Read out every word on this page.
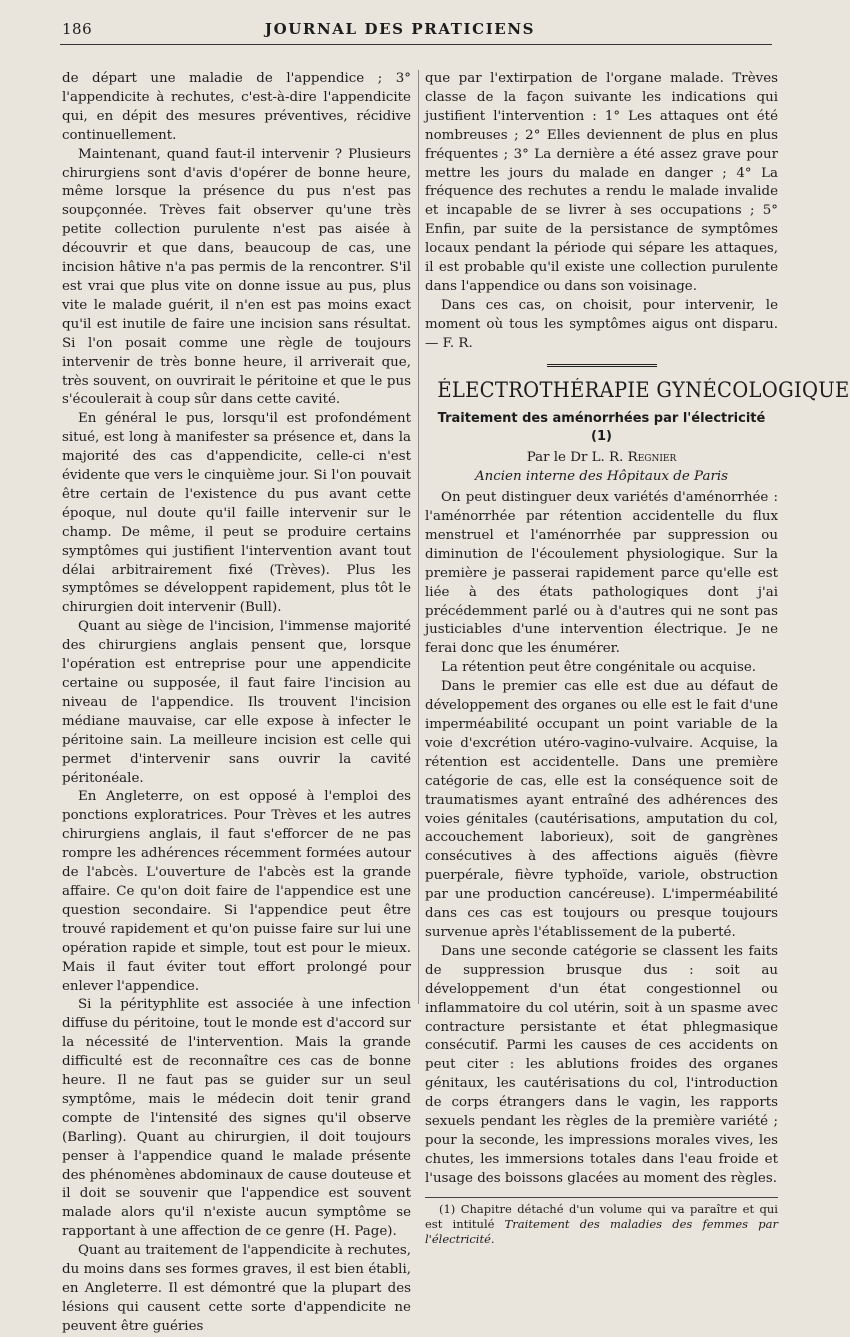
186	JOURNAL DES PRATICIENS

de départ une maladie de l'appendice ; 3° l'appendicite à rechutes, c'est-à-dire l'appendicite qui, en dépit des mesures préventives, récidive continuellement.

Maintenant, quand faut-il intervenir ? Plusieurs chirurgiens sont d'avis d'opérer de bonne heure, même lorsque la présence du pus n'est pas soupçonnée. Trèves fait observer qu'une très petite collection purulente n'est pas aisée à découvrir et que dans, beaucoup de cas, une incision hâtive n'a pas permis de la rencontrer. S'il est vrai que plus vite on donne issue au pus, plus vite le malade guérit, il n'en est pas moins exact qu'il est inutile de faire une incision sans résultat. Si l'on posait comme une règle de toujours intervenir de très bonne heure, il arriverait que, très souvent, on ouvrirait le péritoine et que le pus s'écoulerait à coup sûr dans cette cavité.

En général le pus, lorsqu'il est profondément situé, est long à manifester sa présence et, dans la majorité des cas d'appendicite, celle-ci n'est évidente que vers le cinquième jour. Si l'on pouvait être certain de l'existence du pus avant cette époque, nul doute qu'il faille intervenir sur le champ. De même, il peut se produire certains symptômes qui justifient l'intervention avant tout délai arbitrairement fixé (Trèves). Plus les symptômes se développent rapidement, plus tôt le chirurgien doit intervenir (Bull).

Quant au siège de l'incision, l'immense majorité des chirurgiens anglais pensent que, lorsque l'opération est entreprise pour une appendicite certaine ou supposée, il faut faire l'incision au niveau de l'appendice. Ils trouvent l'incision médiane mauvaise, car elle expose à infecter le péritoine sain. La meilleure incision est celle qui permet d'intervenir sans ouvrir la cavité péritonéale.

En Angleterre, on est opposé à l'emploi des ponctions exploratrices. Pour Trèves et les autres chirurgiens anglais, il faut s'efforcer de ne pas rompre les adhérences récemment formées autour de l'abcès. L'ouverture de l'abcès est la grande affaire. Ce qu'on doit faire de l'appendice est une question secondaire. Si l'appendice peut être trouvé rapidement et qu'on puisse faire sur lui une opération rapide et simple, tout est pour le mieux. Mais il faut éviter tout effort prolongé pour enlever l'appendice.

Si la pérityphlite est associée à une infection diffuse du péritoine, tout le monde est d'accord sur la nécessité de l'intervention. Mais la grande difficulté est de reconnaître ces cas de bonne heure. Il ne faut pas se guider sur un seul symptôme, mais le médecin doit tenir grand compte de l'intensité des signes qu'il observe (Barling). Quant au chirurgien, il doit toujours penser à l'appendice quand le malade présente des phénomènes abdominaux de cause douteuse et il doit se souvenir que l'appendice est souvent malade alors qu'il n'existe aucun symptôme se rapportant à une affection de ce genre (H. Page).

Quant au traitement de l'appendicite à rechutes, du moins dans ses formes graves, il est bien établi, en Angleterre. Il est démontré que la plupart des lésions qui causent cette sorte d'appendicite ne peuvent être guéries

que par l'extirpation de l'organe malade. Trèves classe de la façon suivante les indications qui justifient l'intervention : 1° Les attaques ont été nombreuses ; 2° Elles deviennent de plus en plus fréquentes ; 3° La dernière a été assez grave pour mettre les jours du malade en danger ; 4° La fréquence des rechutes a rendu le malade invalide et incapable de se livrer à ses occupations ; 5° Enfin, par suite de la persistance de symptômes locaux pendant la période qui sépare les attaques, il est probable qu'il existe une collection purulente dans l'appendice ou dans son voisinage.

Dans ces cas, on choisit, pour intervenir, le moment où tous les symptômes aigus ont disparu. — F. R.

ÉLECTROTHÉRAPIE GYNÉCOLOGIQUE
Traitement des aménorrhées par l'électricité (1)
Par le Dr L. R. Regnier
Ancien interne des Hôpitaux de Paris

On peut distinguer deux variétés d'aménorrhée : l'aménorrhée par rétention accidentelle du flux menstruel et l'aménorrhée par suppression ou diminution de l'écoulement physiologique. Sur la première je passerai rapidement parce qu'elle est liée à des états pathologiques dont j'ai précédemment parlé ou à d'autres qui ne sont pas justiciables d'une intervention électrique. Je ne ferai donc que les énumérer.

La rétention peut être congénitale ou acquise.

Dans le premier cas elle est due au défaut de développement des organes ou elle est le fait d'une imperméabilité occupant un point variable de la voie d'excrétion utéro-vagino-vulvaire. Acquise, la rétention est accidentelle. Dans une première catégorie de cas, elle est la conséquence soit de traumatismes ayant entraîné des adhérences des voies génitales (cautérisations, amputation du col, accouchement laborieux), soit de gangrènes consécutives à des affections aiguës (fièvre puerpérale, fièvre typhoïde, variole, obstruction par une production cancéreuse). L'imperméabilité dans ces cas est toujours ou presque toujours survenue après l'établissement de la puberté.

Dans une seconde catégorie se classent les faits de suppression brusque dus : soit au développement d'un état congestionnel ou inflammatoire du col utérin, soit à un spasme avec contracture persistante et état phlegmasique consécutif. Parmi les causes de ces accidents on peut citer : les ablutions froides des organes génitaux, les cautérisations du col, l'introduction de corps étrangers dans le vagin, les rapports sexuels pendant les règles de la première variété ; pour la seconde, les impressions morales vives, les chutes, les immersions totales dans l'eau froide et l'usage des boissons glacées au moment des règles.

(1) Chapitre détaché d'un volume qui va paraître et qui est intitulé Traitement des maladies des femmes par l'électricité.
